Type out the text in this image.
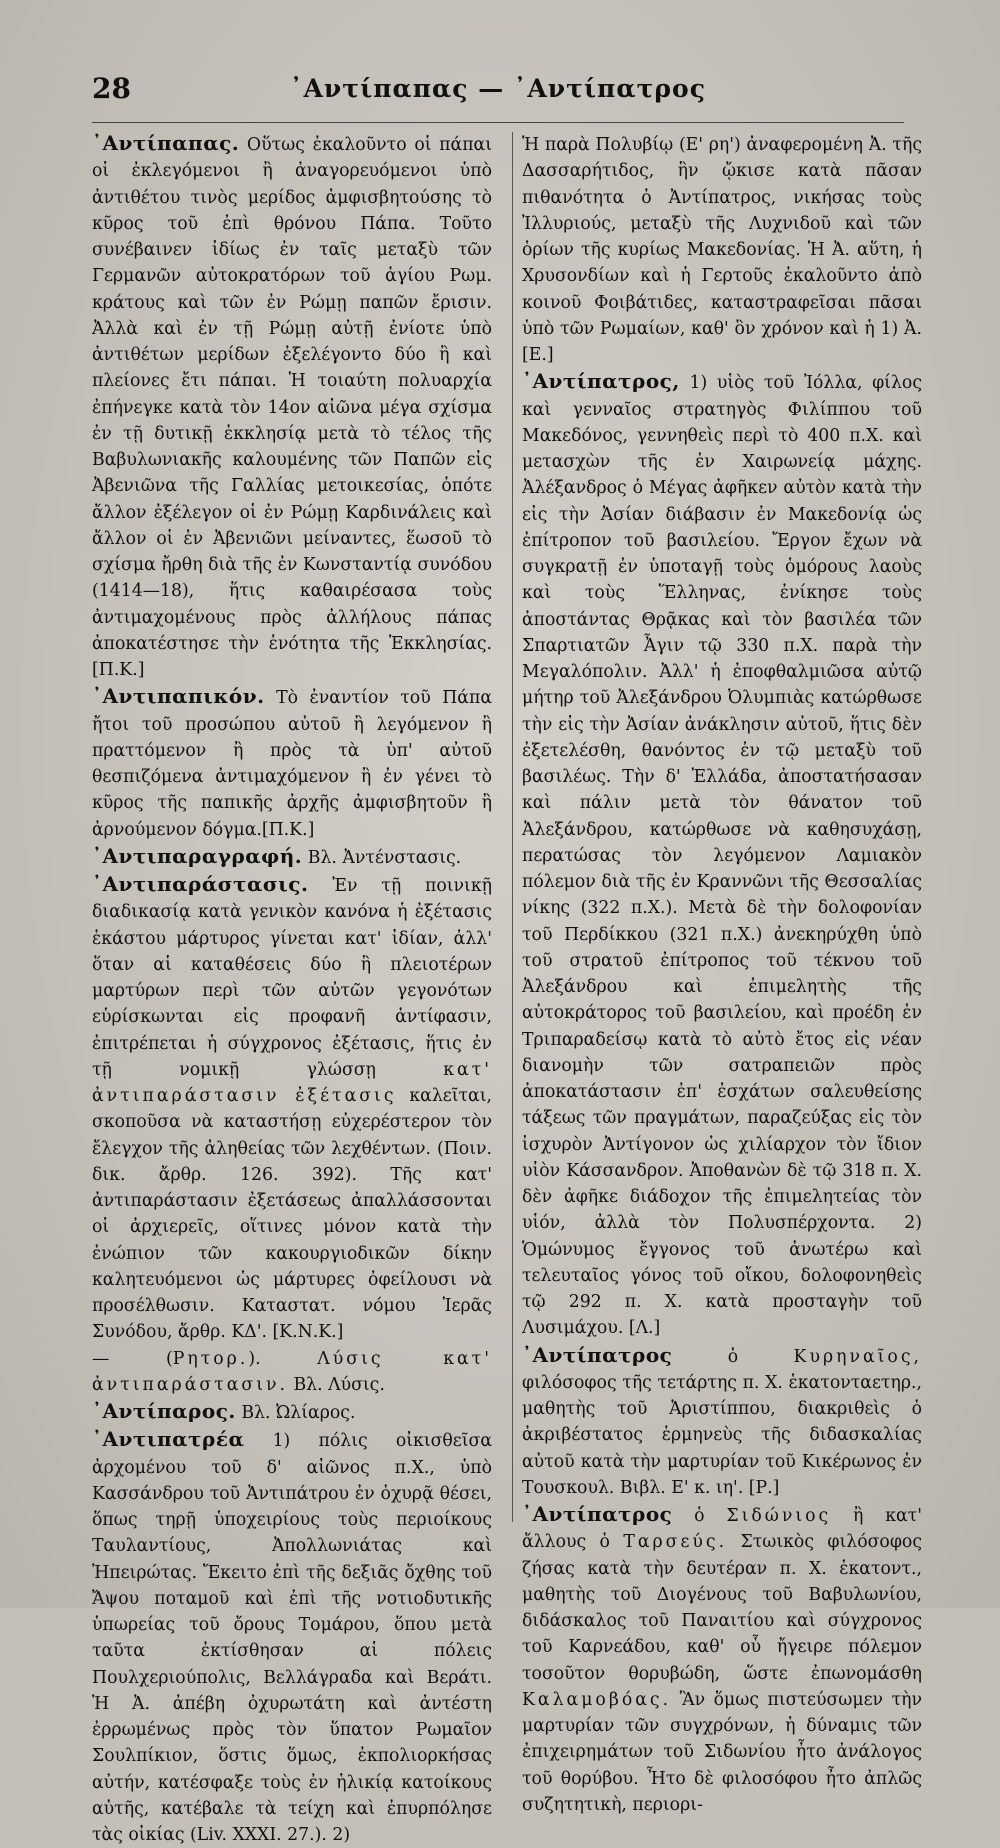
28	᾿Αντίπαπας — ᾿Αντίπατρος

᾿Αντίπαπας. Οὕτως ἐκαλοῦντο οἱ πάπαι οἱ ἐκλεγόμενοι ἢ ἀναγορευόμενοι ὑπὸ ἀντιθέτου τινὸς μερίδος ἀμφισβητούσης τὸ κῦρος τοῦ ἐπὶ θρόνου Πάπα. Τοῦτο συνέβαινεν ἰδίως ἐν ταῖς μεταξὺ τῶν Γερμανῶν αὐτοκρατόρων τοῦ ἁγίου Ρωμ. κράτους καὶ τῶν ἐν Ρώμῃ παπῶν ἔρισιν. Ἀλλὰ καὶ ἐν τῇ Ρώμῃ αὐτῇ ἐνίοτε ὑπὸ ἀντιθέτων μερίδων ἐξελέγοντο δύο ἢ καὶ πλείονες ἔτι πάπαι. Ἡ τοιαύτη πολυαρχία ἐπήνεγκε κατὰ τὸν 14ον αἰῶνα μέγα σχίσμα ἐν τῇ δυτικῇ ἐκκλησίᾳ μετὰ τὸ τέλος τῆς Βαβυλωνιακῆς καλουμένης τῶν Παπῶν εἰς Ἀβενιῶνα τῆς Γαλλίας μετοικεσίας, ὁπότε ἄλλον ἐξέλεγον οἱ ἐν Ρώμῃ Καρδινάλεις καὶ ἄλλον οἱ ἐν Ἀβενιῶνι μείναντες, ἕωσοῦ τὸ σχίσμα ἤρθη διὰ τῆς ἐν Κωνσταντίᾳ συνόδου (1414—18), ἥτις καθαιρέσασα τοὺς ἀντιμαχομένους πρὸς ἀλλήλους πάπας ἀποκατέστησε τὴν ἑνότητα τῆς Ἐκκλησίας. [Π.Κ.]

᾿Αντιπαπικόν. Τὸ ἐναντίον τοῦ Πάπα ἤτοι τοῦ προσώπου αὐτοῦ ἢ λεγόμενον ἢ πραττόμενον ἢ πρὸς τὰ ὑπ' αὐτοῦ θεσπιζόμενα ἀντιμαχόμενον ἢ ἐν γένει τὸ κῦρος τῆς παπικῆς ἀρχῆς ἀμφισβητοῦν ἢ ἀρνούμενον δόγμα.[Π.Κ.]

᾿Αντιπαραγραφή. Βλ. Ἀντένστασις.

᾿Αντιπαράστασις. Ἐν τῇ ποινικῇ διαδικασίᾳ κατὰ γενικὸν κανόνα ἡ ἐξέτασις ἑκάστου μάρτυρος γίνεται κατ' ἰδίαν, ἀλλ' ὅταν αἱ καταθέσεις δύο ἢ πλειοτέρων μαρτύρων περὶ τῶν αὐτῶν γεγονότων εὑρίσκωνται εἰς προφανῆ ἀντίφασιν, ἐπιτρέπεται ἡ σύγχρονος ἐξέτασις, ἥτις ἐν τῇ νομικῇ γλώσσῃ	κατ' ἀντιπαράστασιν ἐξέτασις καλεῖται, σκοποῦσα νὰ καταστήσῃ εὐχερέστερον τὸν ἔλεγχον τῆς ἀληθείας τῶν λεχθέντων. (Ποιν. δικ. ἄρθρ. 126. 392). Τῆς κατ' ἀντιπαράστασιν ἐξετάσεως ἀπαλλάσσονται οἱ ἀρχιερεῖς, οἵτινες μόνον κατὰ τὴν ἐνώπιον τῶν κακουργιοδικῶν δίκην καλητευόμενοι ὡς μάρτυρες ὀφείλουσι νὰ προσέλθωσιν. Καταστατ. νόμου Ἱερᾶς Συνόδου, ἄρθρ. ΚΔ'. [Κ.Ν.Κ.]

— (Ρητορ.).	Λύσις κατ' ἀντιπαράστασιν. Βλ. Λύσις.

᾿Αντίπαρος. Βλ. Ὠλίαρος.

᾿Αντιπατρέα 1) πόλις οἰκισθεῖσα ἀρχομένου τοῦ δ' αἰῶνος π.Χ., ὑπὸ Κασσάνδρου τοῦ Ἀντιπάτρου ἐν ὀχυρᾷ θέσει, ὅπως τηρῇ ὑποχειρίους τοὺς περιοίκους Ταυλαντίους, Ἀπολλωνιάτας καὶ Ἠπειρώτας. Ἔκειτο ἐπὶ τῆς δεξιᾶς ὄχθης τοῦ Ἄψου ποταμοῦ καὶ ἐπὶ τῆς νοτιοδυτικῆς ὑπωρείας τοῦ ὄρους Τομάρου, ὅπου μετὰ ταῦτα ἐκτίσθησαν αἱ πόλεις Πουλχεριούπολις, Βελλάγραδα καὶ Βεράτι. Ἡ Ἀ. ἀπέβη ὀχυρωτάτη καὶ ἀντέστη ἐρρωμένως πρὸς τὸν ὕπατον Ρωμαῖον Σουλπίκιον, ὅστις ὅμως, ἐκπολιορκήσας αὐτήν, κατέσφαξε τοὺς ἐν ἡλικίᾳ κατοίκους αὐτῆς, κατέβαλε τὰ τείχη καὶ ἐπυρπόλησε τὰς οἰκίας (Liv. XXXI. 27.). 2)

Ἡ παρὰ Πολυβίῳ (Ε' ρη') ἀναφερομένη Ἀ. τῆς Δασσαρήτιδος, ἣν ᾤκισε κατὰ πᾶσαν πιθανότητα ὁ Ἀντίπατρος, νικήσας τοὺς Ἰλλυριούς, μεταξὺ τῆς Λυχνιδοῦ καὶ τῶν ὁρίων τῆς κυρίως Μακεδονίας. Ἡ Ἀ. αὕτη, ἡ Χρυσονδίων καὶ ἡ Γερτοῦς ἐκαλοῦντο ἀπὸ κοινοῦ Φοιβάτιδες, καταστραφεῖσαι πᾶσαι ὑπὸ τῶν Ρωμαίων, καθ' ὃν χρόνον καὶ ἡ 1) Ἀ. [Ε.]

᾿Αντίπατρος, 1) υἱὸς τοῦ Ἰόλλα, φίλος καὶ γενναῖος στρατηγὸς Φιλίππου τοῦ Μακεδόνος, γεννηθεὶς περὶ τὸ 400 π.Χ. καὶ μετασχὼν τῆς ἐν Χαιρωνείᾳ μάχης. Ἀλέξανδρος ὁ Μέγας ἀφῆκεν αὐτὸν κατὰ τὴν εἰς τὴν Ἀσίαν διάβασιν ἐν Μακεδονίᾳ ὡς ἐπίτροπον τοῦ βασιλείου. Ἔργον ἔχων νὰ συγκρατῇ ἐν ὑποταγῇ τοὺς ὁμόρους λαοὺς καὶ τοὺς Ἕλληνας, ἐνίκησε τοὺς ἀποστάντας Θρᾷκας καὶ τὸν βασιλέα τῶν Σπαρτιατῶν Ἆγιν τῷ 330 π.Χ. παρὰ τὴν Μεγαλόπολιν. Ἀλλ' ἡ ἐποφθαλμιῶσα αὐτῷ μήτηρ τοῦ Ἀλεξάνδρου Ὀλυμπιὰς κατώρθωσε τὴν εἰς τὴν Ἀσίαν ἀνάκλησιν αὐτοῦ, ἥτις δὲν ἐξετελέσθη, θανόντος ἐν τῷ μεταξὺ τοῦ βασιλέως. Τὴν δ' Ἑλλάδα, ἀποστατήσασαν καὶ πάλιν μετὰ τὸν θάνατον τοῦ Ἀλεξάνδρου, κατώρθωσε νὰ καθησυχάσῃ, περατώσας τὸν λεγόμενον Λαμιακὸν πόλεμον διὰ τῆς ἐν Κραννῶνι τῆς Θεσσαλίας νίκης (322 π.Χ.). Μετὰ δὲ τὴν δολοφονίαν τοῦ Περδίκκου (321 π.Χ.) ἀνεκηρύχθη ὑπὸ τοῦ στρατοῦ ἐπίτροπος τοῦ τέκνου τοῦ Ἀλεξάνδρου καὶ ἐπιμελητὴς τῆς αὐτοκράτορος τοῦ βασιλείου, καὶ προέδη ἐν Τριπαραδείσῳ κατὰ τὸ αὐτὸ ἔτος εἰς νέαν διανομὴν τῶν σατραπειῶν πρὸς ἀποκατάστασιν ἐπ' ἐσχάτων σαλευθείσης τάξεως τῶν πραγμάτων, παραζεύξας εἰς τὸν ἰσχυρὸν Ἀντίγονον ὡς χιλίαρχον τὸν ἴδιον υἱὸν Κάσσανδρον. Ἀποθανὼν δὲ τῷ 318 π. Χ. δὲν ἀφῆκε διάδοχον τῆς ἐπιμελητείας τὸν υἱόν, ἀλλὰ τὸν Πολυσπέρχοντα. 2) Ὁμώνυμος ἔγγονος τοῦ ἀνωτέρω καὶ τελευταῖος γόνος τοῦ οἴκου, δολοφονηθεὶς τῷ 292 π. Χ. κατὰ προσταγὴν τοῦ Λυσιμάχου. [Λ.]

᾿Αντίπατρος	ὁ	Κυρηναῖος, φιλόσοφος τῆς τετάρτης π. Χ. ἑκατονταετηρ., μαθητὴς τοῦ Ἀριστίππου, διακριθεὶς ὁ ἀκριβέστατος ἑρμηνεὺς τῆς διδασκαλίας αὐτοῦ κατὰ τὴν μαρτυρίαν τοῦ Κικέρωνος ἐν Τουσκουλ. Βιβλ. Ε' κ. ιη'. [Ρ.]

᾿Αντίπατρος ὁ Σιδώνιος ἢ κατ' ἄλλους ὁ Ταρσεύς. Στωικὸς φιλόσοφος ζήσας κατὰ τὴν δευτέραν π. Χ. ἑκατοντ., μαθητὴς τοῦ Διογένους τοῦ Βαβυλωνίου, διδάσκαλος τοῦ Παναιτίου καὶ σύγχρονος τοῦ Καρνεάδου, καθ' οὗ ἤγειρε πόλεμον τοσοῦτον θορυβώδη, ὥστε ἐπωνομάσθη Καλαμοβόας. Ἂν ὅμως πιστεύσωμεν τὴν μαρτυρίαν τῶν συγχρόνων, ἡ δύναμις τῶν ἐπιχειρημάτων τοῦ Σιδωνίου ἦτο ἀνάλογος τοῦ θορύβου. Ἦτο δὲ φιλοσόφου ἦτο ἀπλῶς συζητητικὴ, περιορι-
